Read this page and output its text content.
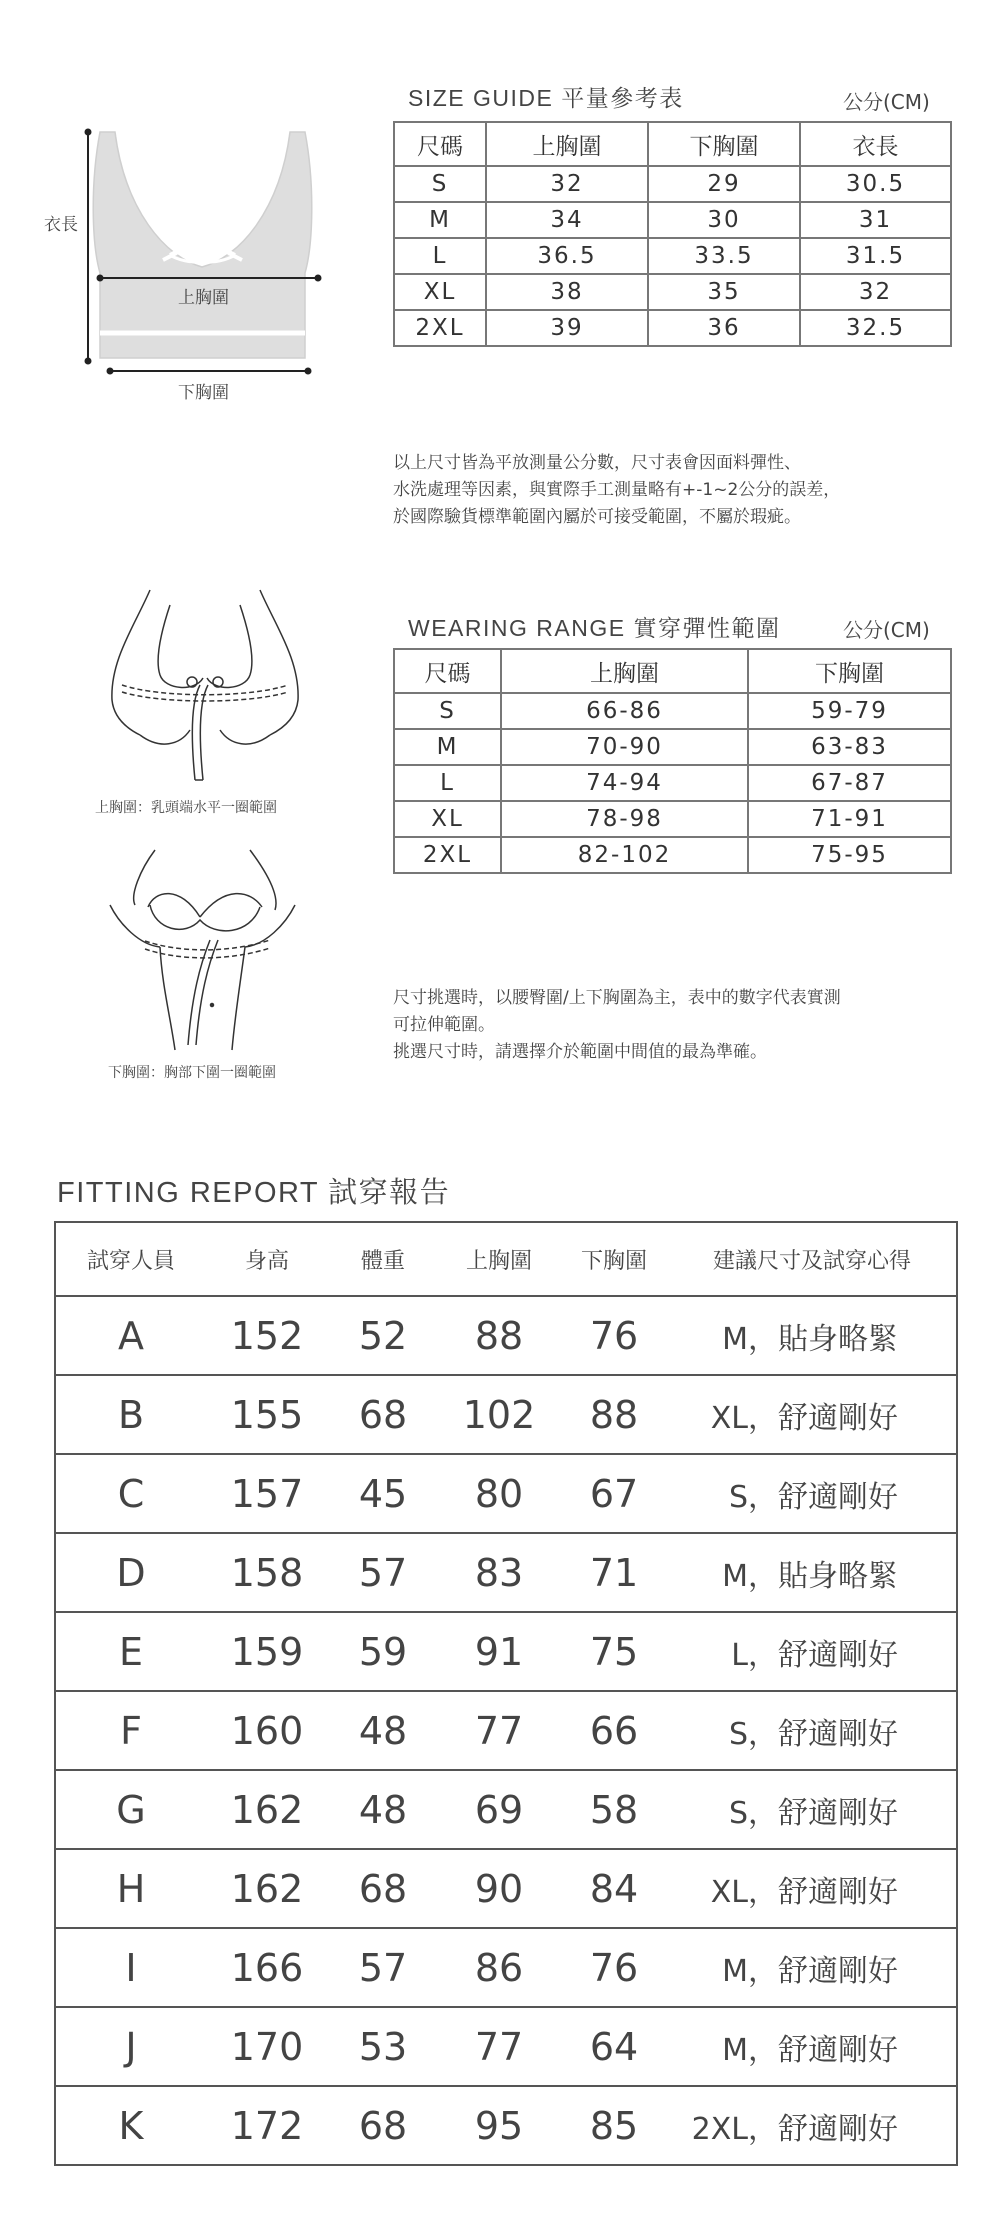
SIZE GUIDE 平量參考表	公分(CM)
衣長
上胸圍
下胸圍
尺碼	上胸圍	下胸圍	衣長
S	32	29	30.5
M	34	30	31
L	36.5	33.5	31.5
XL	38	35	32
2XL	39	36	32.5
以上尺寸皆為平放測量公分數，尺寸表會因面料彈性、
水洗處理等因素，與實際手工測量略有+-1~2公分的誤差，
於國際驗貨標準範圍內屬於可接受範圍，不屬於瑕疵。
WEARING RANGE 實穿彈性範圍	公分(CM)
上胸圍：乳頭端水平一圈範圍
下胸圍：胸部下圍一圈範圍
尺碼	上胸圍	下胸圍
S	66-86	59-79
M	70-90	63-83
L	74-94	67-87
XL	78-98	71-91
2XL	82-102	75-95
尺寸挑選時，以腰臀圍/上下胸圍為主，表中的數字代表實測
可拉伸範圍。
挑選尺寸時，請選擇介於範圍中間值的最為準確。
FITTING REPORT 試穿報告
試穿人員	身高	體重	上胸圍	下胸圍	建議尺寸及試穿心得
A	152	52	88	76	M，貼身略緊
B	155	68	102	88	XL，舒適剛好
C	157	45	80	67	S，舒適剛好
D	158	57	83	71	M，貼身略緊
E	159	59	91	75	L，舒適剛好
F	160	48	77	66	S，舒適剛好
G	162	48	69	58	S，舒適剛好
H	162	68	90	84	XL，舒適剛好
I	166	57	86	76	M，舒適剛好
J	170	53	77	64	M，舒適剛好
K	172	68	95	85	2XL，舒適剛好
